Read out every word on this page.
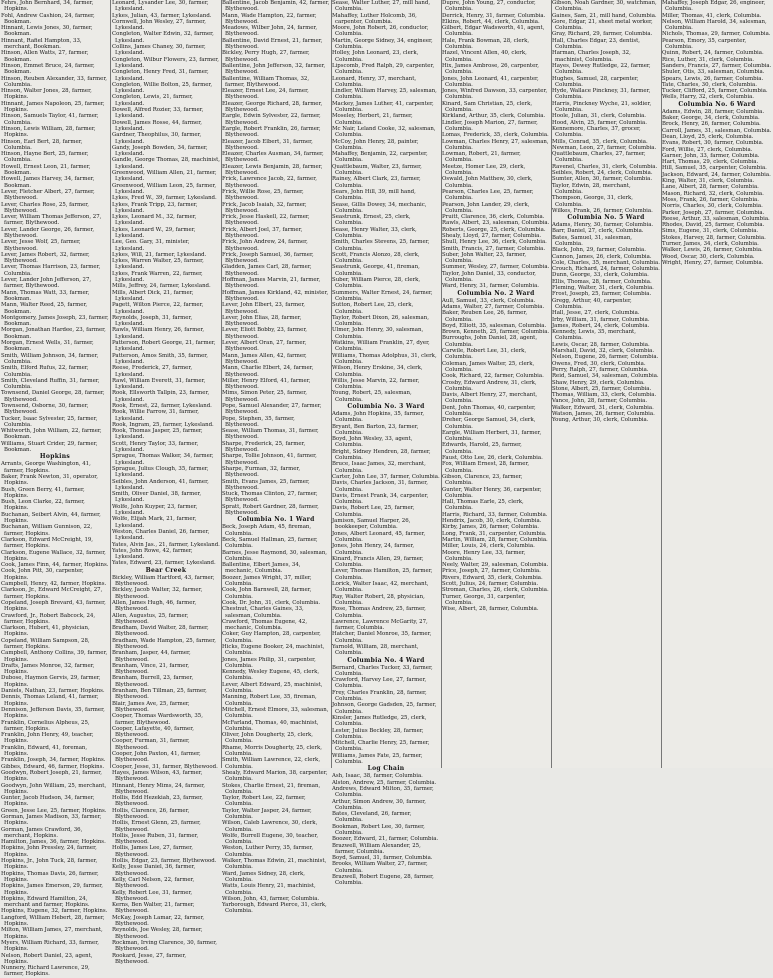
Fehrs, John Bernhard, 34, farmer, Hopkins.
Fohl, Andrew Cashion, 24, farmer, Bookman.
Hinnant, Lewis Jones, 30, farmer, Bookman.
Hinnant, Rafiel Hampton, 33, merchant, Bookman.
Hinson, Allen Watts, 27, farmer, Bookman.
Hinson, Emmet Bruce, 24, farmer, Bookman.
Hinson, Reuben Alexander, 33, farmer, Columbia.
Hinson, Walter Jones, 28, farmer, Hopkins.
Hinnant, James Napoleon, 25, farmer, Hopkins.
Hinson, Samuels Taylor, 41, farmer, Columbia.
Hinson, Lewis William, 28, farmer, Hopkins.
Hinson, Earl Bert, 28, farmer, Columbia.
Hinson, Hayne Bert, 25, farmer, Columbia.
Howell, Ernest Leon, 21, farmer, Bookman.
Howell, James Harvey, 34, farmer, Bookman.
Lever, Fletcher Albert, 27, farmer, Blythewood.
Lever, Charles Rose, 25, farmer, Blythewood.
Lever, William Thomas Jefferson, 27, farmer, Blythewood.
Lever, Lander George, 26, farmer, Blythewood.
Lever, Jesse Wolf, 25, farmer, Blythewood.
Lever, James Robert, 32, farmer, Blythewood.
Lever, Thomas Harrison, 23, farmer, Columbia.
Lever, Lander John Jefferson, 27, farmer, Blythewood.
Mann, Thomas Watt, 33, farmer, Bookman.
Mann, Walter Reed, 25, farmer, Bookman.
Montgomery, James Joseph, 23, farmer, Bookman.
Morgan, Jonathan Hardee, 23, farmer, Bookman.
Morgan, Ernest Wells, 31, farmer, Bookman.
Smith, William Johnson, 34, farmer, Columbia.
Smith, Elford Rufus, 22, farmer, Columbia.
Smith, Cleveland Ruffin, 31, farmer, Columbia.
Townsend, Daniel George, 28, farmer, Blythewood.
Townsend, Osborne, 30, farmer, Blythewood.
Tucker, Isaac Sylvester, 25, farmer, Columbia.
Whitworth, John William, 22, farmer, Bookman.
Williams, Stuart Crider, 29, farmer, Bookman.
Hopkins
Arrants, George Washington, 41, farmer, Hopkins.
Baker, Frank Newton, 31, operator, Hopkins.
Bush, Green Berry, 41, farmer, Hopkins.
Bush, Leon Clarke, 22, farmer, Hopkins.
Buchanan, Seibert Alvin, 44, farmer, Hopkins.
Buchanan, William Gunnison, 22, farmer, Hopkins.
Clarkson, Edward McCreight, 19, farmer, Hopkins.
Clarkson, Eugene Wallace, 32, farmer, Hopkins.
Cook, James Finn, 44, farmer, Hopkins.
Cook, John Pitt, 30, carpenter, Hopkins.
Campbell, Henry, 42, farmer, Hopkins.
Clarkson, Jr., Edward McCreight, 27, farmer, Hopkins.
Copeland, Joseph Brevard, 43, farmer, Hopkins.
Crawford, Jr., Robert Babcock, 24, farmer, Hopkins.
Clarkson, Hubert, 41, physician, Hopkins.
Copeland, William Sampson, 28, farmer, Hopkins.
Campbell, Anthony Collins, 39, farmer, Hopkins.
Drafts, James Monroe, 32, farmer, Hopkins.
Dubose, Haymon Gervis, 29, farmer, Hopkins.
Daniels, Nathan, 23, farmer, Hopkins.
Dennis, Thomas Leland, 41, farmer, Hopkins.
Dennison, Jefferson Davis, 35, farmer, Hopkins.
Franklin, Cornelius Alpheus, 25, farmer, Hopkins.
Franklin, John Henry, 49, teacher, Hopkins.
Franklin, Edward, 41, foreman, Hopkins.
Franklin, Joseph, 34, farmer, Hopkins.
Gibbes, Edward, 46, farmer, Hopkins.
Goodwyn, Robert Joseph, 21, farmer, Hopkins.
Goodwyn, John William, 25, merchant, Hopkins.
Gunter, Jacob Hudson, 34, farmer, Hopkins.
Green, Jesse Lee, 25, farmer, Hopkins.
Gorman, James Madison, 33, farmer, Hopkins.
Gorman, James Crawford, 36, merchant, Hopkins.
Hamilton, James, 36, farmer, Hopkins.
Hopkins, John Pressley, 24, farmer, Hopkins.
Hopkins, Jr., John Tuck, 28, farmer, Hopkins.
Hopkins, Thomas Davis, 26, farmer, Hopkins.
Hopkins, James Emerson, 29, farmer, Hopkins.
Hopkins, Edward Hamilton, 24, merchant and farmer, Hopkins.
Hopkins, Eugene, 32, farmer, Hopkins.
Langford, William Hebert, 28, farmer, Hopkins.
Milton, William James, 27, merchant, Hopkins.
Myers, William Richard, 33, farmer, Hopkins.
Nelson, Robert Daniel, 23, agent, Hopkins.
Nunnery, Richard Lawrence, 29, farmer, Hopkins.
Leonard, Lysander Lee, 30, farmer, Lykesland.
Lykes, Julian, 43, farmer, Lykesland.
Cornwell, John Wesley, 27, farmer, Lykesland.
Congleton, Walter Edwin, 32, farmer, Lykesland.
Collins, James Chaney, 30, farmer, Lykesland.
Congleton, Wilbur Flowers, 23, farmer, Lykesland.
Congleton, Henry Fred, 31, farmer, Lykesland.
Congleton, Willie Bolton, 25, farmer, Lykesland.
Congleton, Lewis, 21, farmer, Lykesland.
Dowell, Alfred Rozier, 33, farmer, Lykesland.
Dowell, James Rosse, 44, farmer, Lykesland.
Gardner, Theophilus, 30, farmer, Lykesland.
Gandy, Joseph Bowden, 34, farmer, Lykesland.
Gandle, George Thomas, 28, machinist, Lykesland.
Greenwood, William Allen, 21, farmer, Lykesland.
Greenwood, William Leon, 25, farmer, Lykesland.
Lykes, Fred W., 39, farmer, Lykesland.
Lykes, Frank Tripp, 23, farmer, Lykesland.
Lykes, Leonard M., 32, farmer, Lykesland.
Lykes, Leonard W., 29, farmer, Lykesland.
Lee, Geo. Gary, 31, minister, Lykesland.
Lykes, Will, 21, farmer, Lykesland.
Lykes, Warren Walter, 25, farmer, Lykesland.
Lykes, Frank Warren, 22, farmer, Lykesland.
Mills, Jeffrey, 24, farmer, Lykesland.
Mills, Albert Dick, 21, farmer, Lykesland.
Pagett, Wilton Pierce, 22, farmer, Lykesland.
Reynolds, Joseph, 31, farmer, Lykesland.
Rawls, William Henry, 26, farmer, Lykesland.
Patterson, Robert George, 21, farmer, Lykesland.
Patterson, Amos Smith, 35, farmer, Lykesland.
Reese, Frederick, 27, farmer, Lykesland.
Rawl, William Everett, 31, farmer, Lykesland.
Rook, Ellsworth Tallpin, 23, farmer, Lykesland.
Rook, Ernest, 22, farmer, Lykesland.
Rook, Willie Farrow, 31, farmer, Lykesland.
Rook, Ingram, 25, farmer, Lykesland.
Rook, Thomas Jasper, 25, farmer, Lykesland.
Scott, Henry Taylor, 33, farmer, Lykesland.
Sprague, Thomas Walker, 34, farmer, Lykesland.
Sprague, Julius Clough, 35, farmer, Lykesland.
Seibles, John Anderson, 41, farmer, Lykesland.
Smith, Oliver Daniel, 38, farmer, Lykesland.
Wolfe, John Kuyper, 23, farmer, Lykesland.
Wolfe, Elijah Mark, 21, farmer, Lykesland.
Weston, Charles Daniel, 26, farmer, Lykesland.
Yates, Alvin Jas., 21, farmer, Lykesland.
Yates, John Rowe, 42, farmer, Lykesland.
Yates, Edward, 23, farmer, Lykesland.
Bear Creek
Bickley, William Hartford, 43, farmer, Blythewood.
Bickley, Jacob Walter, 32, farmer, Blythewood.
Allen, James Hugh, 46, farmer, Blythewood.
Allen, Augustus, 25, farmer, Blythewood.
Bradham, David Walter, 28, farmer, Blythewood.
Bradham, Wade Hampton, 25, farmer, Blythewood.
Branham, Jasper, 44, farmer, Blythewood.
Branham, Vince, 21, farmer, Blythewood.
Branham, Burrell, 23, farmer, Blythewood.
Branham, Ben Tillman, 25, farmer, Blythewood.
Blair, James Ave, 25, farmer, Blythewood.
Cooper, Thomas Wardsworth, 35, farmer, Blythewood.
Cooper, Lafayette, 40, farmer, Blythewood.
Cooper, Furman, 31, farmer, Blythewood.
Cooper, John Paxton, 41, farmer, Blythewood.
Cooper, Jesse, 31, farmer, Blythewood.
Hayes, James Wilson, 43, farmer, Blythewood.
Hinnant, Henry Mims, 24, farmer, Blythewood.
Hollis, Edd Hezekiah, 23, farmer, Blythewood.
Hollis, Clarence, 26, farmer, Blythewood.
Hollis, Ernest Glenn, 25, farmer, Blythewood.
Hollis, Jesse Ruben, 31, farmer, Blythewood.
Hollis, James Lee, 27, farmer, Blythewood.
Hollis, Edgar, 23, farmer, Blythewood.
Kelly, Jesse Daniel, 36, farmer, Blythewood.
Kelly, Carl Nelson, 22, farmer, Blythewood.
Kelly, Robert Lee, 31, farmer, Blythewood.
Kerns, Ben Walter, 21, farmer, Blythewood.
McKay, Joseph Lamar, 22, farmer, Blythewood.
Reynolds, Joe Wesley, 28, farmer, Blythewood.
Rockman, Irving Clarence, 30, farmer, Blythewood.
Rookard, Jesse, 27, farmer, Blythewood.
Ballentine, Jacob Benjamin, 42, farmer, Blythewood.
Mann, Wade Hampton, 22, farmer, Blythewood.
Meadows, Wilber John, 24, farmer, Blythewood.
Ballentine, David Ernest, 21, farmer, Blythewood.
Bickley, Perry Hugh, 27, farmer, Blythewood.
Ballentine, John Jefferson, 32, farmer, Blythewood.
Ballentine, William Thomas, 32, farmer, Blythewood.
Eleazer, Ernest Lee, 24, farmer, Blythewood.
Eleazer, George Richard, 28, farmer, Blythewood.
Eargle, Edwin Sylvester, 22, farmer, Blythewood.
Eargle, Robert Franklin, 26, farmer, Blythewood.
Eleazer, Jacob Elbert, 31, farmer, Blythewood.
Eleazer, Charles Ausman, 34, farmer, Blythewood.
Eleazer, Lewis Benjamin, 28, farmer, Blythewood.
Frick, Lawrence Jacob, 22, farmer, Blythewood.
Frick, Willie Rose, 25, farmer, Blythewood.
Frick, Jacob Isaiah, 32, farmer, Blythewood.
Frick, Jesse Haskell, 22, farmer, Blythewood.
Frick, Albert Joel, 37, farmer, Blythewood.
Frick, John Andrew, 24, farmer, Blythewood.
Frick, Joseph Samuel, 36, farmer, Blythewood.
Gladden, James Carl, 28, farmer, Blythewood.
Hoffman, James Marvin, 21, farmer, Blythewood.
Hoffman, James Kirkland, 42, minister, Blythewood.
Lever, John Elbert, 23, farmer, Blythewood.
Lever, John Elias, 28, farmer, Blythewood.
Lever, Eliott Bobby, 23, farmer, Blythewood.
Lever, Albert Oran, 27, farmer, Blythewood.
Mann, James Allen, 42, farmer, Blythewood.
Mann, Charlie Elbert, 24, farmer, Blythewood.
Miller, Henry Elford, 41, farmer, Blythewood.
Mims, Simon Peter, 25, farmer, Blythewood.
Pope, Samuel Alexander, 27, farmer, Blythewood.
Pope, Stephen, 35, farmer, Blythewood.
Sease, William Thomas, 31, farmer, Blythewood.
Sharpe, Frederick, 25, farmer, Blythewood.
Sharpe, Tollie Johnson, 41, farmer, Blythewood.
Sharpe, Furman, 32, farmer, Blythewood.
Smith, Evans James, 25, farmer, Blythewood.
Stuck, Thomas Clinton, 27, farmer, Blythewood.
Spratt, Robert Gardner, 28, farmer, Blythewood.
Columbia No. 1 Ward
Beck, Joseph Adam, 45, fireman, Columbia.
Beck, Samuel Hallman, 25, farmer, Columbia.
Barnes, Jesse Raymond, 30, salesman, Columbia.
Ballentine, Elbert James, 34, mechanic, Columbia.
Boozer, James Wright, 37, miller, Columbia.
Cook, John Barnwell, 28, farmer, Columbia.
Cook, Dr. John, 31, clerk, Columbia.
Chestnut, Charles Gaines, 33, salesman, Columbia.
Crawford, Thomas Eugene, 42, mechanic, Columbia.
Coker, Guy Hampton, 28, carpenter, Columbia.
Hicks, Eugene Booker, 24, machinist, Columbia.
Jones, James Philip, 31, carpenter, Columbia.
Kennedy, Wesley Eugene, 45, clerk, Columbia.
Lever, Albert Edward, 25, machinist, Columbia.
Manning, Robert Lee, 35, fireman, Columbia.
Mitchell, Ernest Elmore, 33, salesman, Columbia.
McFarland, Thomas, 40, machinist, Columbia.
Oliver, John Dougherty, 25, clerk, Columbia.
Rhame, Morris Dougherty, 25, clerk, Columbia.
Smith, William Lawrence, 22, clerk, Columbia.
Shealy, Edward Marion, 38, carpenter, Columbia.
Stokes, Charlie Ernest, 21, fireman, Columbia.
Taylor, Robert Lee, 22, farmer, Columbia.
Taylor, Walter Jasper, 24, farmer, Columbia.
Wilson, Caleb Lawrence, 30, clerk, Columbia.
Wolfe, Burrell Eugene, 30, teacher, Columbia.
Weston, Luther Perry, 35, farmer, Columbia.
Walker, Thomas Edwin, 21, machinist, Columbia.
Ward, James Sidney, 28, clerk, Columbia.
Watts, Louis Henry, 21, machinist, Columbia.
Wilson, John, 43, farmer, Columbia.
Yarborough, Edward Pierce, 31, clerk, Columbia.
Sease, Walter Luther, 27, mill hand, Columbia.
Mahaffey, Luther Holcomb, 36, carpenter, Columbia.
Moore, John Robert, 26, conductor, Columbia.
Martin, George Sidney, 34, engineer, Columbia.
Holley, John Leonard, 23, clerk, Columbia.
Lipscomb, Fred Ralph, 29, carpenter, Columbia.
Leonard, Henry, 37, merchant, Columbia.
Lindler, William Harvey, 25, salesman, Columbia.
Mackey, James Luther, 41, carpenter, Columbia.
Moseley, Herbert, 21, farmer, Columbia.
Mc Nair, Leland Cooke, 32, salesman, Columbia.
McCoy, John Henry, 28, painter, Columbia.
Mahaffey, Benjamin, 22, carpenter, Columbia.
Quattlebaum, Walter, 23, farmer, Columbia.
Rainey, Albert Clark, 23, farmer, Columbia.
Sears, John Hill, 39, mill hand, Columbia.
Sease, Gillis Dowey, 34, mechanic, Columbia.
Seastrunk, Ernest, 25, clerk, Columbia.
Sease, Henry Walter, 33, clerk, Columbia.
Smith, Charles Stevens, 25, farmer, Columbia.
Scott, Francis Alonzo, 28, clerk, Columbia.
Seastrunk, George, 41, fireman, Columbia.
Suber, William Pierce, 28, clerk, Columbia.
Summers, Walter Ernest, 24, farmer, Columbia.
Sutton, Robert Lee, 25, clerk, Columbia.
Taylor, Robert Dixon, 26, salesman, Columbia.
Ulmer, John Henry, 30, salesman, Columbia.
Watkins, William Franklin, 27, dyer, Columbia.
Williams, Thomas Adolphus, 31, clerk, Columbia.
Wilson, Henry Erskine, 34, clerk, Columbia.
Willis, Jesse Marvin, 22, farmer, Columbia.
Young, Robert, 25, salesman, Columbia.
Columbia No. 3 Ward
Adams, John Hopkins, 35, farmer, Columbia.
Bryant, Ben Barton, 23, farmer, Columbia.
Boyd, John Wesley, 33, agent, Columbia.
Bright, Sidney Hendren, 28, farmer, Columbia.
Bruce, Isaac James, 32, merchant, Columbia.
Carter, John Lee, 37, farmer, Columbia.
Davis, Charles Jackson, 31, farmer, Columbia.
Davis, Ernest Frank, 34, carpenter, Columbia.
Davis, Robert Lee, 25, farmer, Columbia.
Jamison, Samuel Harper, 26, bookkeeper, Columbia.
Jones, Albert Leonard, 45, farmer, Columbia.
Jones, John Henry, 24, farmer, Columbia.
Kinard, Francis Allen, 29, farmer, Columbia.
Lever, Thomas Hamilton, 25, farmer, Columbia.
Lorick, Walter Isaac, 42, merchant, Columbia.
Ray, Walter Robert, 28, physician, Columbia.
Rose, Thomas Andrew, 25, farmer, Columbia.
Lawrence, Lawrence McGarity, 27, farmer, Columbia.
Hatcher, Daniel Monroe, 35, farmer, Columbia.
Yarnold, William, 28, merchant, Columbia.
Columbia No. 4 Ward
Bernard, Charles Tucker, 33, farmer, Columbia.
Crawford, Harvey Lee, 27, farmer, Columbia.
Frey, Charles Franklin, 28, farmer, Columbia.
Johnson, George Gadsden, 25, farmer, Columbia.
Kinsler, James Rutledge, 25, clerk, Columbia.
Lester, Julius Beckley, 28, farmer, Columbia.
Mitchell, Charlie Henry, 25, farmer, Columbia.
Williams, James Fate, 25, farmer, Columbia.
Log Chain
Ash, Isaac, 38, farmer, Columbia.
Alston, Andrew, 25, farmer, Columbia.
Andrews, Edward Milton, 35, farmer, Columbia.
Arthur, Simon Andrew, 30, farmer, Columbia.
Bates, Cleveland, 26, farmer, Columbia.
Bookman, Robert Lee, 30, farmer, Columbia.
Boozer, Edward, 21, farmer, Columbia.
Brazwell, William Alexander, 25, farmer, Columbia.
Boyd, Samuel, 31, farmer, Columbia.
Brooks, William Walter, 27, farmer, Columbia.
Brazwell, Robert Eugene, 28, farmer, Columbia.
Dupre, John Young, 27, conductor, Columbia.
Derrick, Henry, 31, farmer, Columbia.
Elkins, Robert, 44, clerk, Columbia.
Gilbert, Edgar Wadsworth, 41, agent, Columbia.
Hale, Frank Bowman, 28, clerk, Columbia.
Hazel, Vincent Allen, 40, clerk, Columbia.
Hix, James Ambrose, 26, carpenter, Columbia.
Jones, John Leonard, 41, carpenter, Columbia.
Jones, Winfred Dawson, 33, carpenter, Columbia.
Kinard, Sam Christian, 25, clerk, Columbia.
Kirkland, Arthur, 35, clerk, Columbia.
Lindler, Joseph Marion, 27, farmer, Columbia.
Lomas, Frederick, 35, clerk, Columbia.
Lowman, Charles Henry, 27, salesman, Columbia.
Lowman, Robert, 21, farmer, Columbia.
Meetze, Homer Lee, 29, clerk, Columbia.
Oswald, John Matthew, 30, clerk, Columbia.
Pearson, Charles Lee, 25, farmer, Columbia.
Pearson, John Lander, 29, clerk, Columbia.
Pruitt, Clarence, 36, clerk, Columbia.
Rawls, Albert, 23, salesman, Columbia.
Roberts, George, 25, clerk, Columbia.
Shealy, Lloyd, 27, farmer, Columbia.
Shull, Henry Lee, 36, clerk, Columbia.
Smith, Francis, 27, farmer, Columbia.
Suber, John Walter, 23, farmer, Columbia.
Summer, Wesley, 27, farmer, Columbia.
Taylor, John Daniel, 33, conductor, Columbia.
Ward, Henry, 31, farmer, Columbia.
Columbia No. 2 Ward
Aull, Samuel, 33, clerk, Columbia.
Adams, Walter, 27, farmer, Columbia.
Baker, Reuben Lee, 26, farmer, Columbia.
Boyd, Elliott, 35, salesman, Columbia.
Brown, Kenneth, 25, farmer, Columbia.
Burroughs, John Daniel, 28, agent, Columbia.
Carwile, Robert Lee, 31, clerk, Columbia.
Coleman, James Walter, 25, clerk, Columbia.
Cook, Richard, 22, farmer, Columbia.
Crosby, Edward Andrew, 31, clerk, Columbia.
Davis, Albert Henry, 27, merchant, Columbia.
Dent, John Thomas, 40, carpenter, Columbia.
Dreher, George Samuel, 34, clerk, Columbia.
Eargle, William Herbert, 31, farmer, Columbia.
Edwards, Harold, 25, farmer, Columbia.
Faust, Otto Lee, 26, clerk, Columbia.
Fox, William Ernest, 28, farmer, Columbia.
Gibson, Clarence, 23, farmer, Columbia.
Gunter, Walter Henry, 36, carpenter, Columbia.
Hall, Thomas Earle, 25, clerk, Columbia.
Harris, Richard, 33, farmer, Columbia.
Hendrix, Jacob, 30, clerk, Columbia.
Kirby, James, 26, farmer, Columbia.
Long, Frank, 31, carpenter, Columbia.
Martin, William, 28, farmer, Columbia.
Miller, Louis, 24, clerk, Columbia.
Moore, Henry Lee, 33, farmer, Columbia.
Neely, Walter, 29, salesman, Columbia.
Price, Joseph, 27, farmer, Columbia.
Rivers, Edward, 35, clerk, Columbia.
Scott, Julius, 24, farmer, Columbia.
Stroman, Charles, 26, clerk, Columbia.
Turner, George, 31, carpenter, Columbia.
Wise, Albert, 28, farmer, Columbia.
Gibson, Noah Gardner, 30, watchman, Columbia.
Gaines, Sam, 21, mill hand, Columbia.
Gore, Edgar, 21, sheet metal worker, Columbia.
Gray, Richard, 29, farmer, Columbia.
Hall, Charles Edgar, 23, dentist, Columbia.
Harman, Charles Joseph, 32, machinist, Columbia.
Hayes, Dewey Rutledge, 22, farmer, Columbia.
Hughes, Samuel, 28, carpenter, Columbia.
Hyde, Wallace Pinckney, 31, farmer, Columbia.
Harris, Pinckney Wyche, 21, soldier, Columbia.
Hoole, Julian, 31, clerk, Columbia.
Hood, Alvin, 25, farmer, Columbia.
Kennemore, Charles, 37, grocer, Columbia.
Mills, Conrad, 35, clerk, Columbia.
Newman, Leon, 27, farmer, Columbia.
Quattlebaum, Charles, 27, farmer, Columbia.
Ravenel, Charles, 31, clerk, Columbia.
Seibles, Robert, 24, clerk, Columbia.
Sumter, Allen, 30, farmer, Columbia.
Taylor, Edwin, 28, merchant, Columbia.
Thompson, George, 31, clerk, Columbia.
Wilkes, Frank, 26, farmer, Columbia.
Columbia No. 5 Ward
Adams, Henry, 30, farmer, Columbia.
Barr, Daniel, 27, clerk, Columbia.
Bates, Samuel, 31, salesman, Columbia.
Black, John, 29, farmer, Columbia.
Cannon, James, 26, clerk, Columbia.
Cole, Charles, 35, merchant, Columbia.
Crouch, Richard, 24, farmer, Columbia.
Dunn, George, 33, clerk, Columbia.
Ellis, Thomas, 28, farmer, Columbia.
Fleming, Walter, 31, clerk, Columbia.
Frost, Joseph, 25, farmer, Columbia.
Gregg, Arthur, 40, carpenter, Columbia.
Hall, Jesse, 27, clerk, Columbia.
Irby, William, 31, farmer, Columbia.
James, Robert, 24, clerk, Columbia.
Kennedy, Lewis, 35, merchant, Columbia.
Lewis, Oscar, 28, farmer, Columbia.
Marshall, David, 32, clerk, Columbia.
Nelson, Eugene, 26, farmer, Columbia.
Owens, Fred, 30, clerk, Columbia.
Perry, Ralph, 27, farmer, Columbia.
Reid, Samuel, 34, salesman, Columbia.
Shaw, Henry, 29, clerk, Columbia.
Stone, Albert, 25, farmer, Columbia.
Thomas, William, 33, clerk, Columbia.
Vance, John, 28, farmer, Columbia.
Walker, Edward, 31, clerk, Columbia.
Watson, James, 26, farmer, Columbia.
Young, Arthur, 30, clerk, Columbia.
Mahaffey, Joseph Edgar, 26, engineer, Columbia.
Miller, Thomas, 41, clerk, Columbia.
Nelson, William Harold, 34, salesman, Columbia.
Nichols, Thomas, 29, farmer, Columbia.
Pearson, Emory, 35, carpenter, Columbia.
Quinn, Robert, 24, farmer, Columbia.
Rice, Luther, 31, clerk, Columbia.
Sanders, Francis, 27, farmer, Columbia.
Shuler, Otis, 33, salesman, Columbia.
Spears, Lewis, 26, farmer, Columbia.
Tate, Charles, 30, clerk, Columbia.
Tucker, Clifford, 25, farmer, Columbia.
Wells, Harry, 32, clerk, Columbia.
Columbia No. 6 Ward
Adams, Edwin, 28, farmer, Columbia.
Baker, George, 34, clerk, Columbia.
Brock, Henry, 26, farmer, Columbia.
Carroll, James, 31, salesman, Columbia.
Dean, Lloyd, 25, clerk, Columbia.
Evans, Robert, 30, farmer, Columbia.
Ford, Willie, 27, clerk, Columbia.
Garner, John, 33, farmer, Columbia.
Hart, Thomas, 29, clerk, Columbia.
Hill, Samuel, 35, carpenter, Columbia.
Jackson, Edward, 24, farmer, Columbia.
King, Walter, 31, clerk, Columbia.
Lane, Albert, 28, farmer, Columbia.
Mason, Richard, 32, clerk, Columbia.
Moss, Frank, 26, farmer, Columbia.
Norris, Charles, 30, clerk, Columbia.
Parker, Joseph, 27, farmer, Columbia.
Reese, Arthur, 33, salesman, Columbia.
Rhodes, David, 25, farmer, Columbia.
Sims, Eugene, 31, clerk, Columbia.
Stokes, Harvey, 28, farmer, Columbia.
Turner, James, 34, clerk, Columbia.
Walker, Lewis, 26, farmer, Columbia.
Wood, Oscar, 30, clerk, Columbia.
Wright, Henry, 27, farmer, Columbia.
